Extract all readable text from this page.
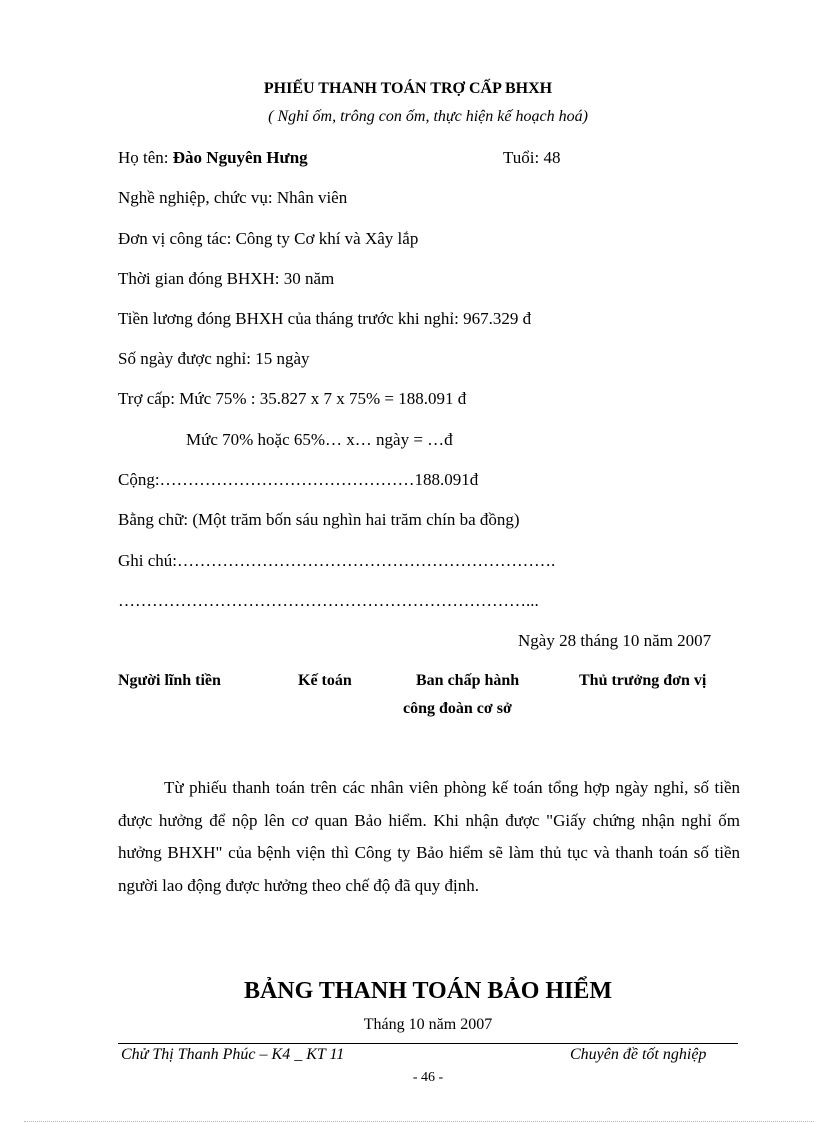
PHIẾU THANH TOÁN TRỢ CẤP BHXH
( Nghỉ ốm, trông con ốm, thực hiện kế hoạch hoá)
Họ tên: Đào Nguyên Hưng	Tuổi: 48
Nghề nghiệp, chức vụ: Nhân viên
Đơn vị công tác: Công ty Cơ khí và Xây lắp
Thời gian đóng BHXH: 30 năm
Tiền lương đóng BHXH của tháng trước khi nghỉ: 967.329 đ
Số ngày được nghỉ: 15 ngày
Trợ cấp: Mức 75% : 35.827 x 7 x 75% = 188.091 đ
Mức 70% hoặc 65%… x… ngày = …đ
Cộng:………………………………………188.091đ
Bằng chữ: (Một trăm bốn sáu nghìn hai trăm chín ba đồng)
Ghi chú:………………………………………………………….
………………………………………………………………...
Ngày 28 tháng 10 năm 2007
Người lĩnh tiền	Kế toán	Ban chấp hành
công đoàn cơ sở
Thủ trưởng đơn vị

Từ phiếu thanh toán trên các nhân viên phòng kế toán tổng hợp ngày nghỉ, số tiền được hưởng để nộp lên cơ quan Bảo hiểm. Khi nhận được "Giấy chứng nhận nghỉ ốm hưởng BHXH" của bệnh viện thì Công ty Bảo hiểm sẽ làm thủ tục và thanh toán số tiền người lao động được hưởng theo chế độ đã quy định.

BẢNG THANH TOÁN BẢO HIỂM
Tháng 10 năm 2007
Chử Thị Thanh Phúc – K4 _ KT 11	Chuyên đề tốt nghiệp
- 46 -
